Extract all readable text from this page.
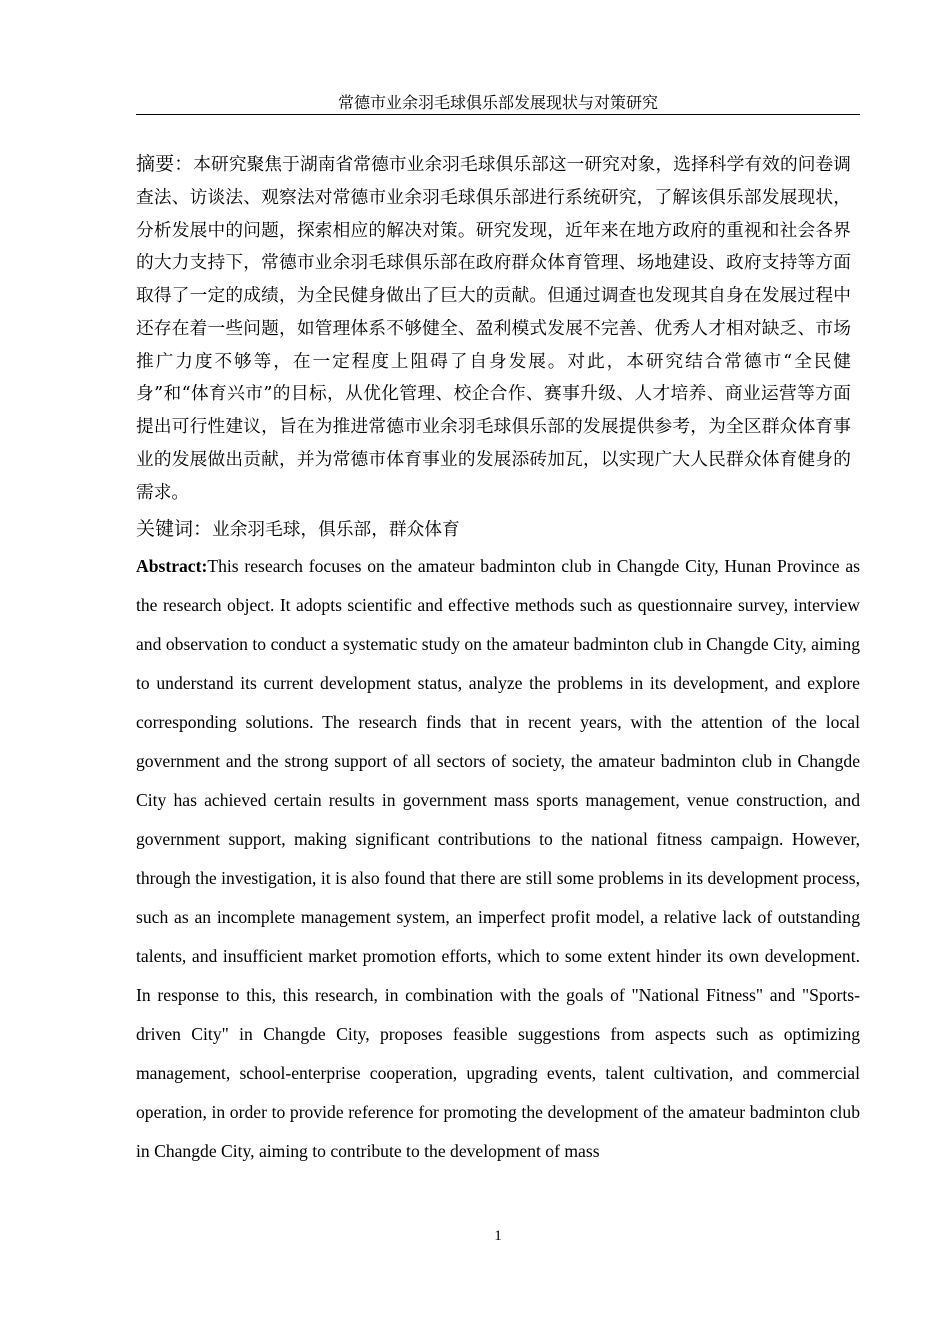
常德市业余羽毛球俱乐部发展现状与对策研究

摘要：本研究聚焦于湖南省常德市业余羽毛球俱乐部这一研究对象，选择科学有效的问卷调查法、访谈法、观察法对常德市业余羽毛球俱乐部进行系统研究，了解该俱乐部发展现状，分析发展中的问题，探索相应的解决对策。研究发现，近年来在地方政府的重视和社会各界的大力支持下，常德市业余羽毛球俱乐部在政府群众体育管理、场地建设、政府支持等方面取得了一定的成绩，为全民健身做出了巨大的贡献。但通过调查也发现其自身在发展过程中还存在着一些问题，如管理体系不够健全、盈利模式发展不完善、优秀人才相对缺乏、市场推广力度不够等，在一定程度上阻碍了自身发展。对此，本研究结合常德市“全民健身”和“体育兴市”的目标，从优化管理、校企合作、赛事升级、人才培养、商业运营等方面提出可行性建议，旨在为推进常德市业余羽毛球俱乐部的发展提供参考，为全区群众体育事业的发展做出贡献，并为常德市体育事业的发展添砖加瓦，以实现广大人民群众体育健身的需求。

关键词：业余羽毛球，俱乐部，群众体育

Abstract:This research focuses on the amateur badminton club in Changde City, Hunan Province as the research object. It adopts scientific and effective methods such as questionnaire survey, interview and observation to conduct a systematic study on the amateur badminton club in Changde City, aiming to understand its current development status, analyze the problems in its development, and explore corresponding solutions. The research finds that in recent years, with the attention of the local government and the strong support of all sectors of society, the amateur badminton club in Changde City has achieved certain results in government mass sports management, venue construction, and government support, making significant contributions to the national fitness campaign. However, through the investigation, it is also found that there are still some problems in its development process, such as an incomplete management system, an imperfect profit model, a relative lack of outstanding talents, and insufficient market promotion efforts, which to some extent hinder its own development. In response to this, this research, in combination with the goals of "National Fitness" and "Sports-driven City" in Changde City, proposes feasible suggestions from aspects such as optimizing management, school-enterprise cooperation, upgrading events, talent cultivation, and commercial operation, in order to provide reference for promoting the development of the amateur badminton club in Changde City, aiming to contribute to the development of mass

1
